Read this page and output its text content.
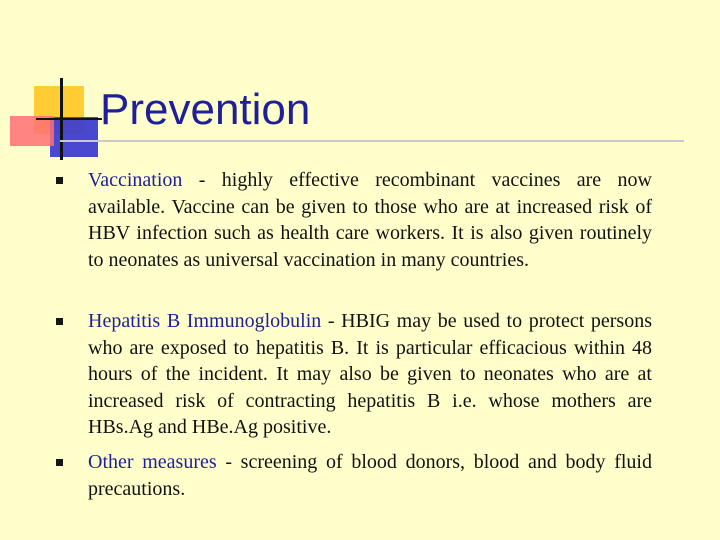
Prevention
Vaccination - highly effective recombinant vaccines are now available. Vaccine can be given to those who are at increased risk of HBV infection such as health care workers. It is also given routinely to neonates as universal vaccination in many countries.
Hepatitis B Immunoglobulin - HBIG may be used to protect persons who are exposed to hepatitis B. It is particular efficacious within 48 hours of the incident. It may also be given to neonates who are at increased risk of contracting hepatitis B i.e. whose mothers are HBs.Ag and HBe.Ag positive.
Other measures - screening of blood donors, blood and body fluid precautions.
